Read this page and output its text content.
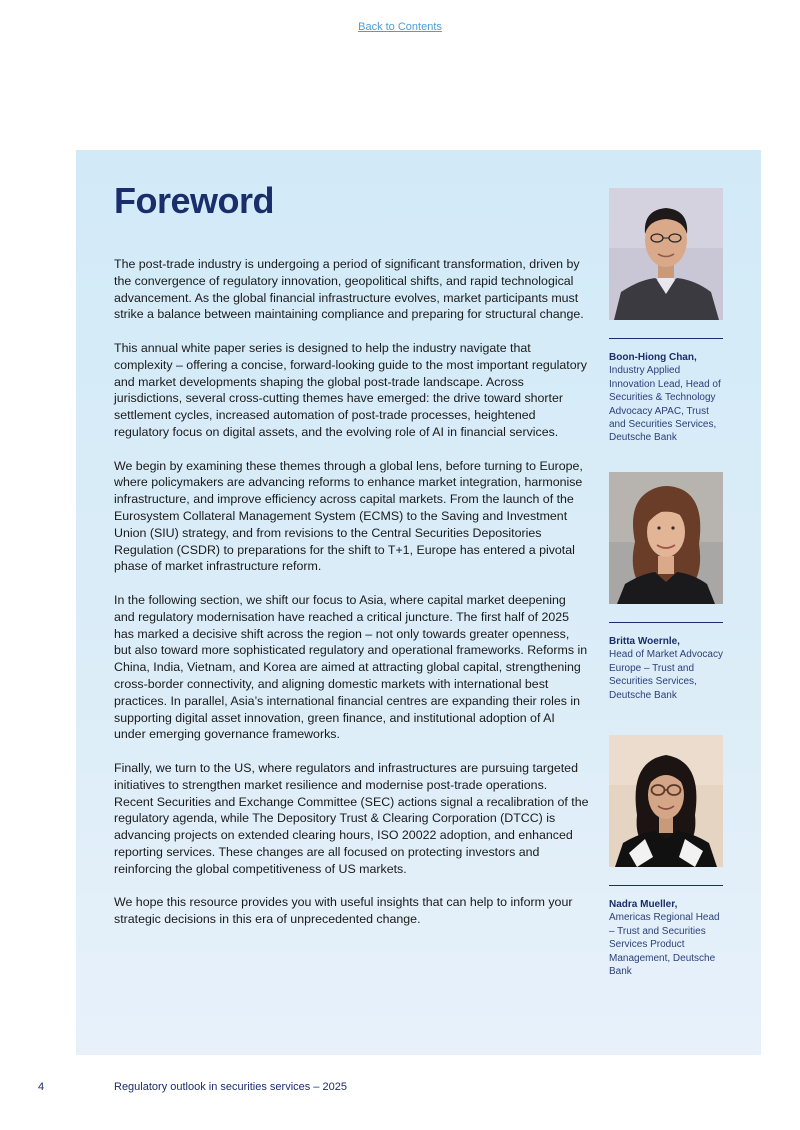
Back to Contents
Foreword

The post-trade industry is undergoing a period of significant transformation, driven by the convergence of regulatory innovation, geopolitical shifts, and rapid technological advancement. As the global financial infrastructure evolves, market participants must strike a balance between maintaining compliance and preparing for structural change.

This annual white paper series is designed to help the industry navigate that complexity – offering a concise, forward-looking guide to the most important regulatory and market developments shaping the global post-trade landscape. Across jurisdictions, several cross-cutting themes have emerged: the drive toward shorter settlement cycles, increased automation of post-trade processes, heightened regulatory focus on digital assets, and the evolving role of AI in financial services.

We begin by examining these themes through a global lens, before turning to Europe, where policymakers are advancing reforms to enhance market integration, harmonise infrastructure, and improve efficiency across capital markets. From the launch of the Eurosystem Collateral Management System (ECMS) to the Saving and Investment Union (SIU) strategy, and from revisions to the Central Securities Depositories Regulation (CSDR) to preparations for the shift to T+1, Europe has entered a pivotal phase of market infrastructure reform.

In the following section, we shift our focus to Asia, where capital market deepening and regulatory modernisation have reached a critical juncture. The first half of 2025 has marked a decisive shift across the region – not only towards greater openness, but also toward more sophisticated regulatory and operational frameworks. Reforms in China, India, Vietnam, and Korea are aimed at attracting global capital, strengthening cross-border connectivity, and aligning domestic markets with international best practices. In parallel, Asia’s international financial centres are expanding their roles in supporting digital asset innovation, green finance, and institutional adoption of AI under emerging governance frameworks.

Finally, we turn to the US, where regulators and infrastructures are pursuing targeted initiatives to strengthen market resilience and modernise post-trade operations. Recent Securities and Exchange Committee (SEC) actions signal a recalibration of the regulatory agenda, while The Depository Trust & Clearing Corporation (DTCC) is advancing projects on extended clearing hours, ISO 20022 adoption, and enhanced reporting services. These changes are all focused on protecting investors and reinforcing the global competitiveness of US markets.

We hope this resource provides you with useful insights that can help to inform your strategic decisions in this era of unprecedented change.

Boon-Hiong Chan,
Industry Applied Innovation Lead, Head of Securities & Technology Advocacy APAC, Trust and Securities Services, Deutsche Bank
Britta Woernle,
Head of Market Advocacy Europe – Trust and Securities Services, Deutsche Bank
Nadra Mueller,
Americas Regional Head – Trust and Securities Services Product Management, Deutsche Bank
4	Regulatory outlook in securities services – 2025
